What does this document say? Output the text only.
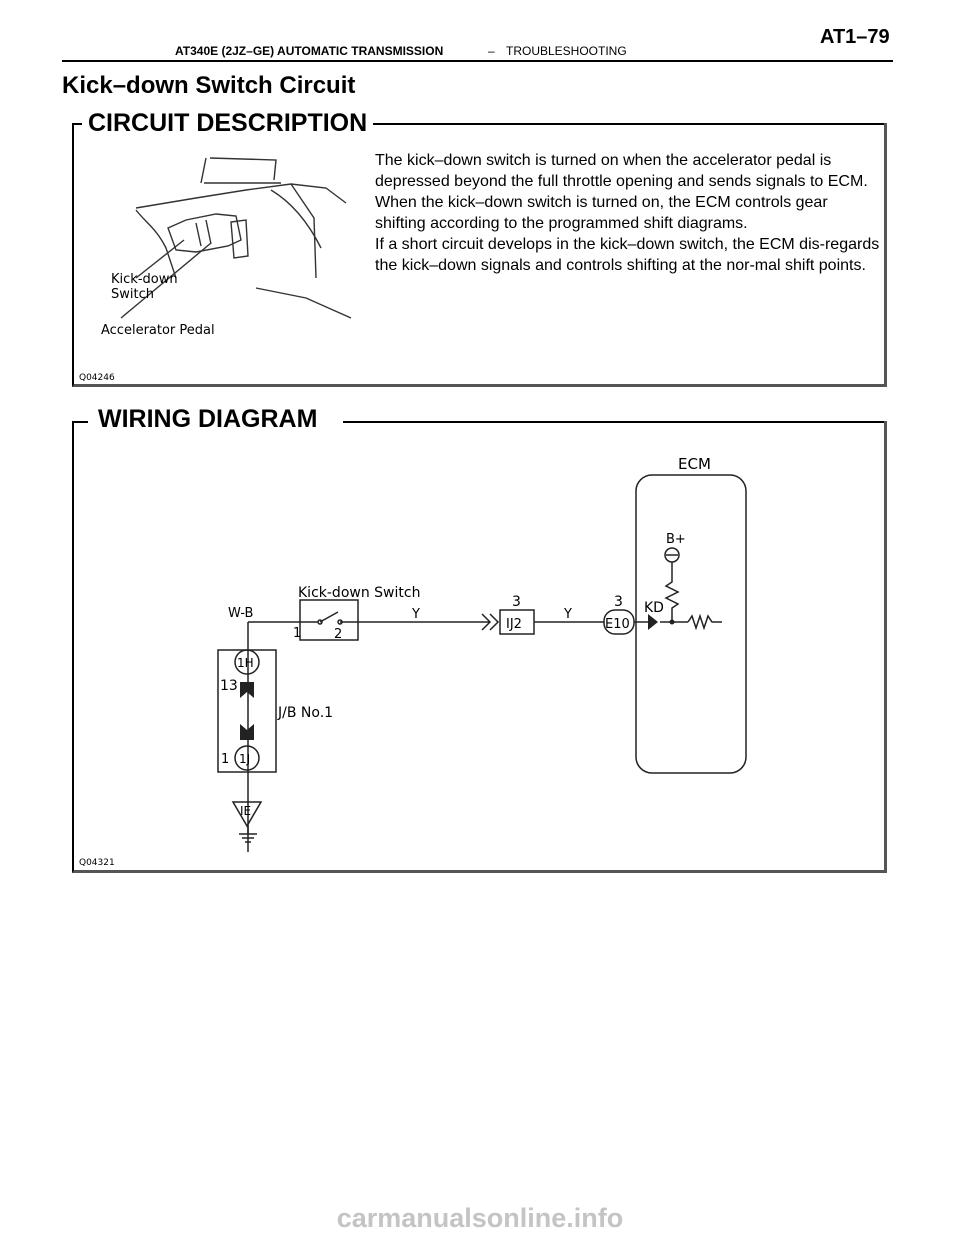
AT340E (2JZ–GE) AUTOMATIC TRANSMISSION	– TROUBLESHOOTING
AT1–79
Kick–down Switch Circuit
CIRCUIT DESCRIPTION
Kick-down
Switch
Accelerator Pedal
Q04246

The kick–down switch is turned on when the accelerator pedal is depressed beyond the full throttle opening and sends signals to ECM.

When the kick–down switch is turned on, the ECM controls gear shifting according to the programmed shift diagrams.

If a short circuit develops in the kick–down switch, the ECM dis-regards the kick–down signals and controls shifting at the nor-mal shift points.

WIRING DIAGRAM
ECM
B+
KD
Kick-down Switch
W-B	Y	Y
1	2
3
IJ2
3
E10
J/B No.1
1H
13
1J
1
IE
Q04321
carmanualsonline.info
